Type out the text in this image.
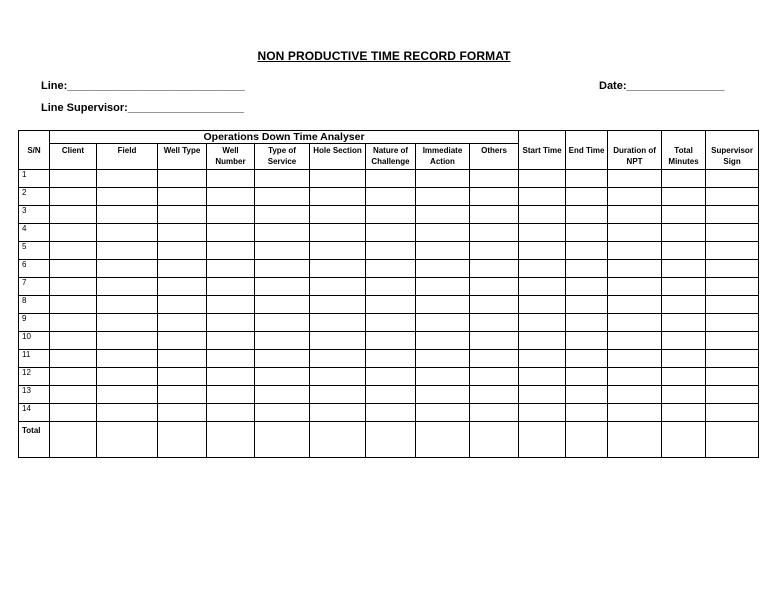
NON PRODUCTIVE TIME RECORD FORMAT
Line:_____________________________	Date:________________
Line Supervisor:___________________
S/N	Operations Down Time Analyser									Start Time	End Time	Duration of NPT	Total Minutes	Supervisor Sign
	Client	Field	Well Type	Well Number	Type of Service	Hole Section	Nature of Challenge	Immediate Action	Others					
1														
2														
3														
4														
5														
6														
7														
8														
9														
10														
11														
12														
13														
14														
Total														
